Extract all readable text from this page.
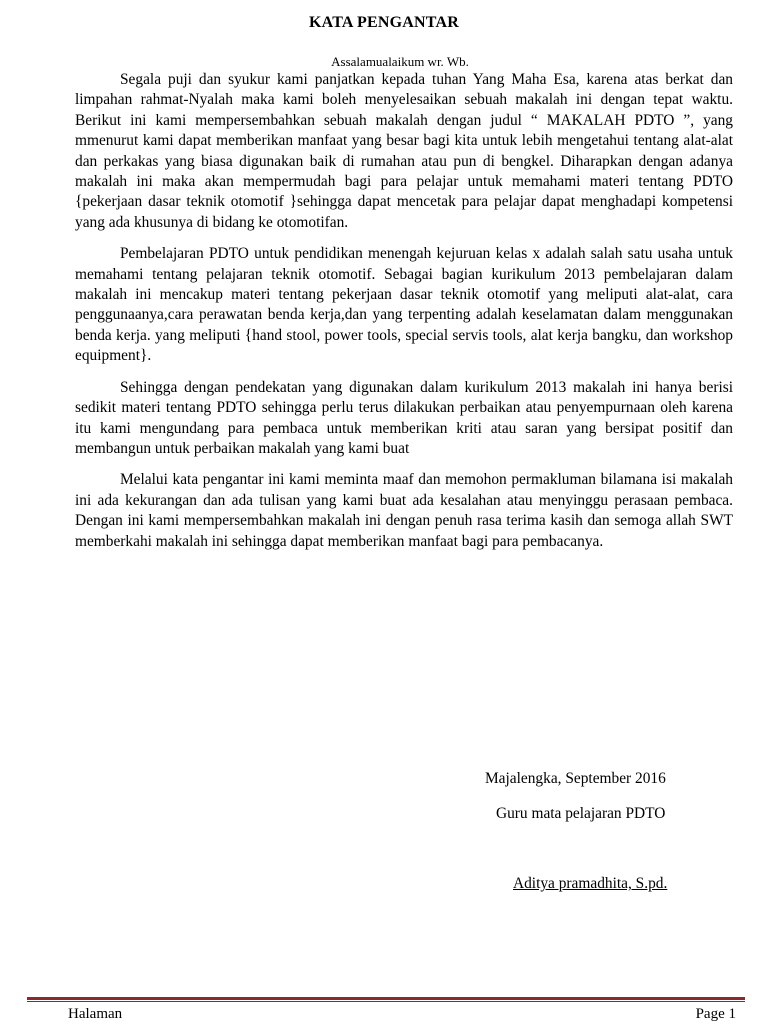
KATA PENGANTAR
Assalamualaikum wr. Wb.

Segala puji dan syukur kami panjatkan kepada tuhan Yang Maha Esa, karena atas berkat dan limpahan rahmat-Nyalah maka kami boleh menyelesaikan sebuah makalah ini dengan tepat waktu. Berikut ini kami mempersembahkan sebuah makalah dengan judul “ MAKALAH PDTO ”, yang mmenurut kami dapat memberikan manfaat yang besar bagi kita untuk lebih mengetahui tentang alat-alat dan perkakas yang biasa digunakan baik di rumahan atau pun di bengkel. Diharapkan dengan adanya makalah ini maka akan mempermudah bagi para pelajar untuk memahami materi tentang PDTO {pekerjaan dasar teknik otomotif }sehingga dapat mencetak para pelajar dapat menghadapi kompetensi yang ada khusunya di bidang ke otomotifan.

Pembelajaran PDTO untuk pendidikan menengah kejuruan kelas x adalah salah satu usaha untuk memahami tentang pelajaran teknik otomotif. Sebagai bagian kurikulum 2013 pembelajaran dalam makalah ini mencakup materi tentang pekerjaan dasar teknik otomotif yang meliputi alat-alat, cara penggunaanya,cara perawatan benda kerja,dan yang terpenting adalah keselamatan dalam menggunakan benda kerja. yang meliputi {hand stool, power tools, special servis tools, alat kerja bangku, dan workshop equipment}.

Sehingga dengan pendekatan yang digunakan dalam kurikulum 2013 makalah ini hanya berisi sedikit materi tentang PDTO sehingga perlu terus dilakukan perbaikan atau penyempurnaan oleh karena itu kami mengundang para pembaca untuk memberikan kriti atau saran yang bersipat positif dan membangun untuk perbaikan makalah yang kami buat

Melalui kata pengantar ini kami meminta maaf dan memohon permakluman bilamana isi makalah ini ada kekurangan dan ada tulisan yang kami buat ada kesalahan atau menyinggu perasaan pembaca. Dengan ini kami mempersembahkan makalah ini dengan penuh rasa terima kasih dan semoga allah SWT memberkahi makalah ini sehingga dapat memberikan manfaat bagi para pembacanya.

Majalengka, September 2016
Guru mata pelajaran PDTO
Aditya pramadhita, S.pd.
Halaman	Page 1
